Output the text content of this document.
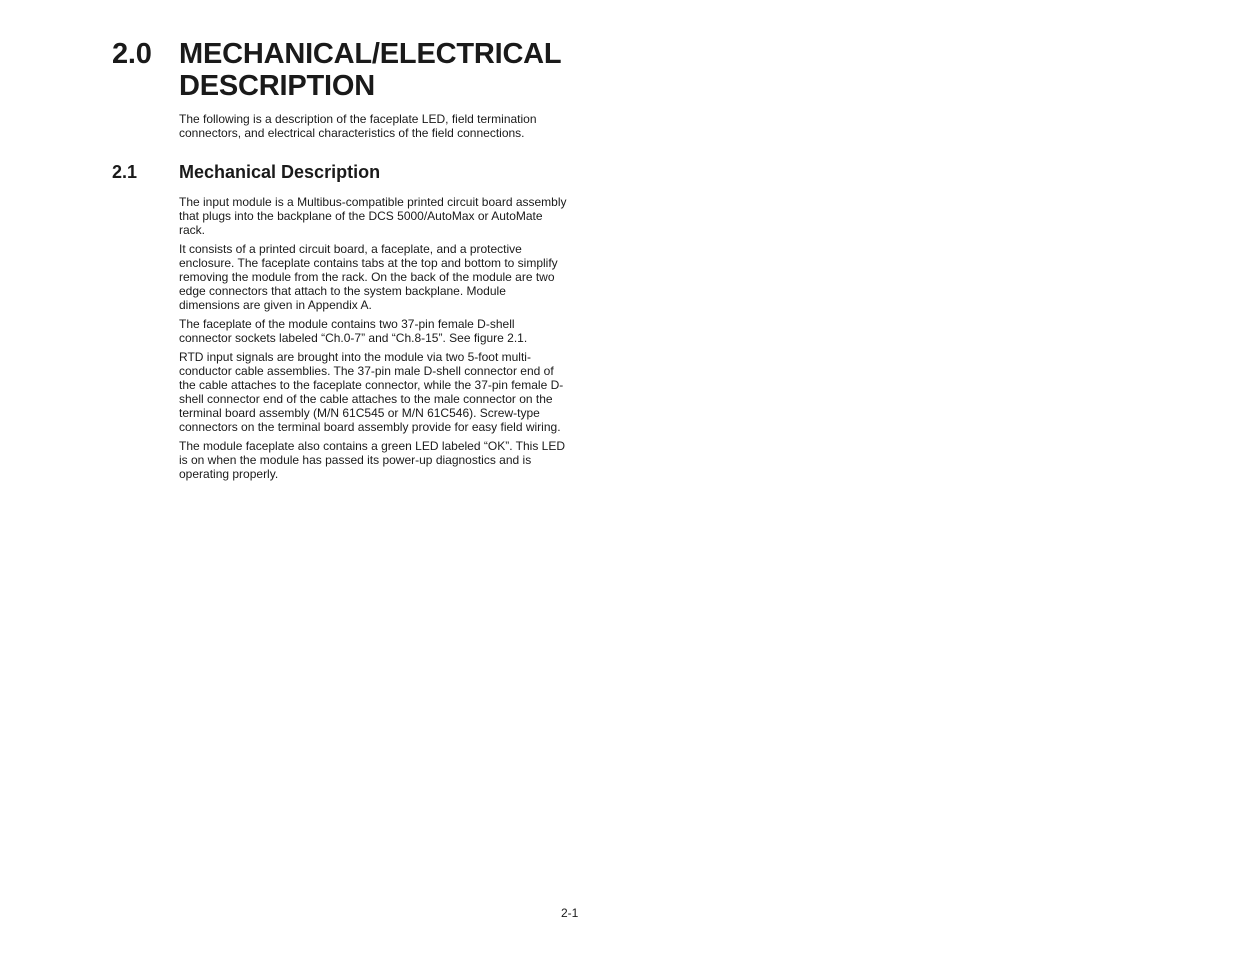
2.0 MECHANICAL/ELECTRICAL DESCRIPTION

The following is a description of the faceplate LED, field termination connectors, and electrical characteristics of the field connections.

2.1 Mechanical Description

The input module is a Multibus-compatible printed circuit board assembly that plugs into the backplane of the DCS 5000/AutoMax or AutoMate rack.

It consists of a printed circuit board, a faceplate, and a protective enclosure. The faceplate contains tabs at the top and bottom to simplify removing the module from the rack. On the back of the module are two edge connectors that attach to the system backplane. Module dimensions are given in Appendix A.

The faceplate of the module contains two 37-pin female D-shell connector sockets labeled “Ch.0-7” and “Ch.8-15”. See figure 2.1.

RTD input signals are brought into the module via two 5-foot multi-conductor cable assemblies. The 37-pin male D-shell connector end of the cable attaches to the faceplate connector, while the 37-pin female D-shell connector end of the cable attaches to the male connector on the terminal board assembly (M/N 61C545 or M/N 61C546). Screw-type connectors on the terminal board assembly provide for easy field wiring.

The module faceplate also contains a green LED labeled “OK”. This LED is on when the module has passed its power-up diagnostics and is operating properly.

2-1
